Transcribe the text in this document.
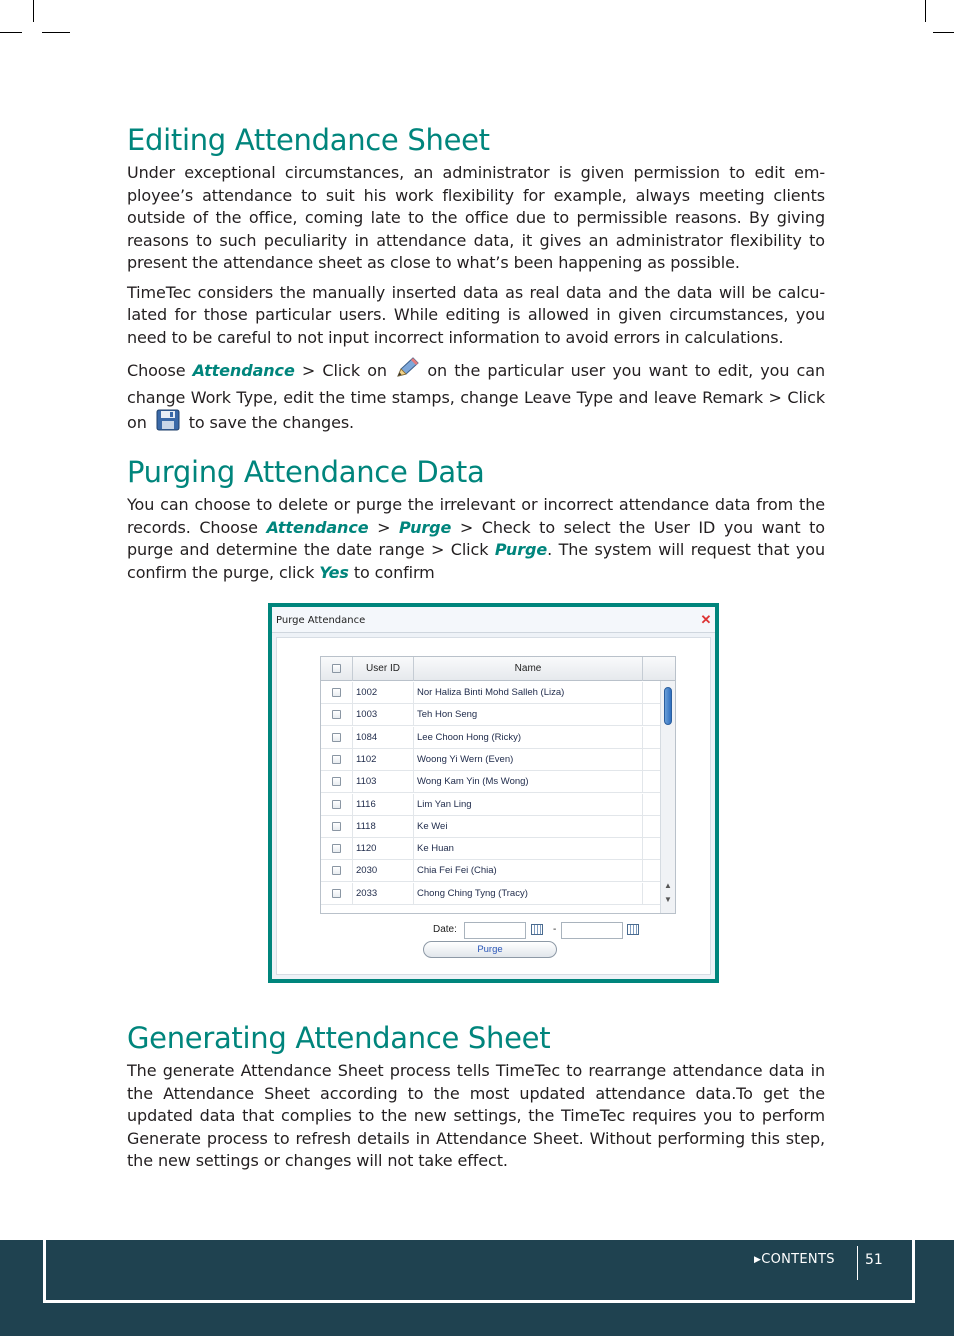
Editing Attendance Sheet

Under exceptional circumstances, an administrator is given permission to edit em-ployee’s attendance to suit his work flexibility for example, always meeting clients outside of the office, coming late to the office due to permissible reasons. By giving reasons to such peculiarity in attendance data, it gives an administrator flexibility to present the attendance sheet as close to what’s been happening as possible.

TimeTec considers the manually inserted data as real data and the data will be calcu-lated for those particular users. While editing is allowed in given circumstances, you need to be careful to not input incorrect information to avoid errors in calculations.

Choose Attendance > Click on  on the particular user you want to edit, you can change Work Type, edit the time stamps, change Leave Type and leave Remark > Click on  to save the changes.

Purging Attendance Data

You can choose to delete or purge the irrelevant or incorrect attendance data from the records. Choose Attendance > Purge > Check to select the User ID you want to purge and determine the date range > Click Purge. The system will request that you confirm the purge, click Yes to confirm

Purge Attendance	✕
User ID	Name
1002	Nor Haliza Binti Mohd Salleh (Liza)
1003	Teh Hon Seng
1084	Lee Choon Hong (Ricky)
1102	Woong Yi Wern (Even)
1103	Wong Kam Yin (Ms Wong)
1116	Lim Yan Ling
1118	Ke Wei
1120	Ke Huan
2030	Chia Fei Fei (Chia)
2033	Chong Ching Tyng (Tracy)
▲
▼
Date:	-
Purge
Generating Attendance Sheet

The generate Attendance Sheet process tells TimeTec to rearrange attendance data in the Attendance Sheet according to the most updated attendance data.To get the updated data that complies to the new settings, the TimeTec requires you to perform Generate process to refresh details in Attendance Sheet. Without performing this step, the new settings or changes will not take effect.

▶CONTENTS 51
